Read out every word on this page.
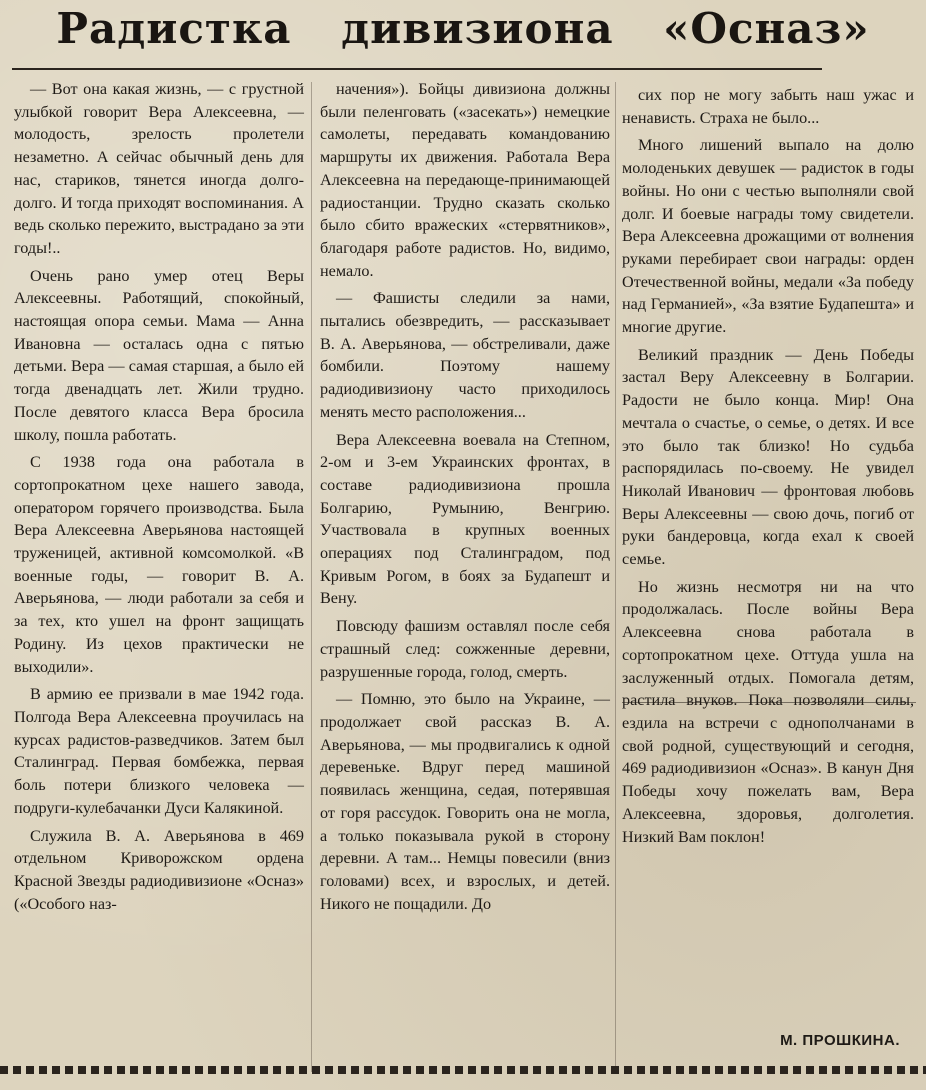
Радистка дивизиона «Осназ»

— Вот она какая жизнь, — с грустной улыбкой говорит Вера Алексеевна, — молодость, зрелость пролетели незаметно. А сейчас обычный день для нас, стариков, тянется иногда долго-долго. И тогда приходят воспоминания. А ведь сколько пережито, выстрадано за эти годы!..

Очень рано умер отец Веры Алексеевны. Работящий, спокойный, настоящая опора семьи. Мама — Анна Ивановна — осталась одна с пятью детьми. Вера — самая старшая, а было ей тогда двенадцать лет. Жили трудно. После девятого класса Вера бросила школу, пошла работать.

С 1938 года она работала в сортопрокатном цехе нашего завода, оператором горячего производства. Была Вера Алексеевна Аверьянова настоящей труженицей, активной комсомолкой. «В военные годы, — говорит В. А. Аверьянова, — люди работали за себя и за тех, кто ушел на фронт защищать Родину. Из цехов практически не выходили».

В армию ее призвали в мае 1942 года. Полгода Вера Алексеевна проучилась на курсах радистов-разведчиков. Затем был Сталинград. Первая бомбежка, первая боль потери близкого человека — подруги-кулебачанки Дуси Калякиной.

Служила В. А. Аверьянова в 469 отдельном Криворожском ордена Красной Звезды радиодивизионе «Осназ» («Особого наз-

начения»). Бойцы дивизиона должны были пеленговать («засекать») немецкие самолеты, передавать командованию маршруты их движения. Работала Вера Алексеевна на передающе-принимающей радиостанции. Трудно сказать сколько было сбито вражеских «стервятников», благодаря работе радистов. Но, видимо, немало.

— Фашисты следили за нами, пытались обезвредить, — рассказывает В. А. Аверьянова, — обстреливали, даже бомбили. Поэтому нашему радиодивизиону часто приходилось менять место расположения...

Вера Алексеевна воевала на Степном, 2-ом и 3-ем Украинских фронтах, в составе радиодивизиона прошла Болгарию, Румынию, Венгрию. Участвовала в крупных военных операциях под Сталинградом, под Кривым Рогом, в боях за Будапешт и Вену.

Повсюду фашизм оставлял после себя страшный след: сожженные деревни, разрушенные города, голод, смерть.

— Помню, это было на Украине, — продолжает свой рассказ В. А. Аверьянова, — мы продвигались к одной деревеньке. Вдруг перед машиной появилась женщина, седая, потерявшая от горя рассудок. Говорить она не могла, а только показывала рукой в сторону деревни. А там... Немцы повесили (вниз головами) всех, и взрослых, и детей. Никого не пощадили. До

сих пор не могу забыть наш ужас и ненависть. Страха не было...

Много лишений выпало на долю молоденьких девушек — радисток в годы войны. Но они с честью выполняли свой долг. И боевые награды тому свидетели. Вера Алексеевна дрожащими от волнения руками перебирает свои награды: орден Отечественной войны, медали «За победу над Германией», «За взятие Будапешта» и многие другие.

Великий праздник — День Победы застал Веру Алексеевну в Болгарии. Радости не было конца. Мир! Она мечтала о счастье, о семье, о детях. И все это было так близко! Но судьба распорядилась по-своему. Не увидел Николай Иванович — фронтовая любовь Веры Алексеевны — свою дочь, погиб от руки бандеровца, когда ехал к своей семье.

Но жизнь несмотря ни на что продолжалась. После войны Вера Алексеевна снова работала в сортопрокатном цехе. Оттуда ушла на заслуженный отдых. Помогала детям, растила внуков. Пока позволяли силы, ездила на встречи с однополчанами в свой родной, существующий и сегодня, 469 радиодивизион «Осназ». В канун Дня Победы хочу пожелать вам, Вера Алексеевна, здоровья, долголетия. Низкий Вам поклон!

М. ПРОШКИНА.
